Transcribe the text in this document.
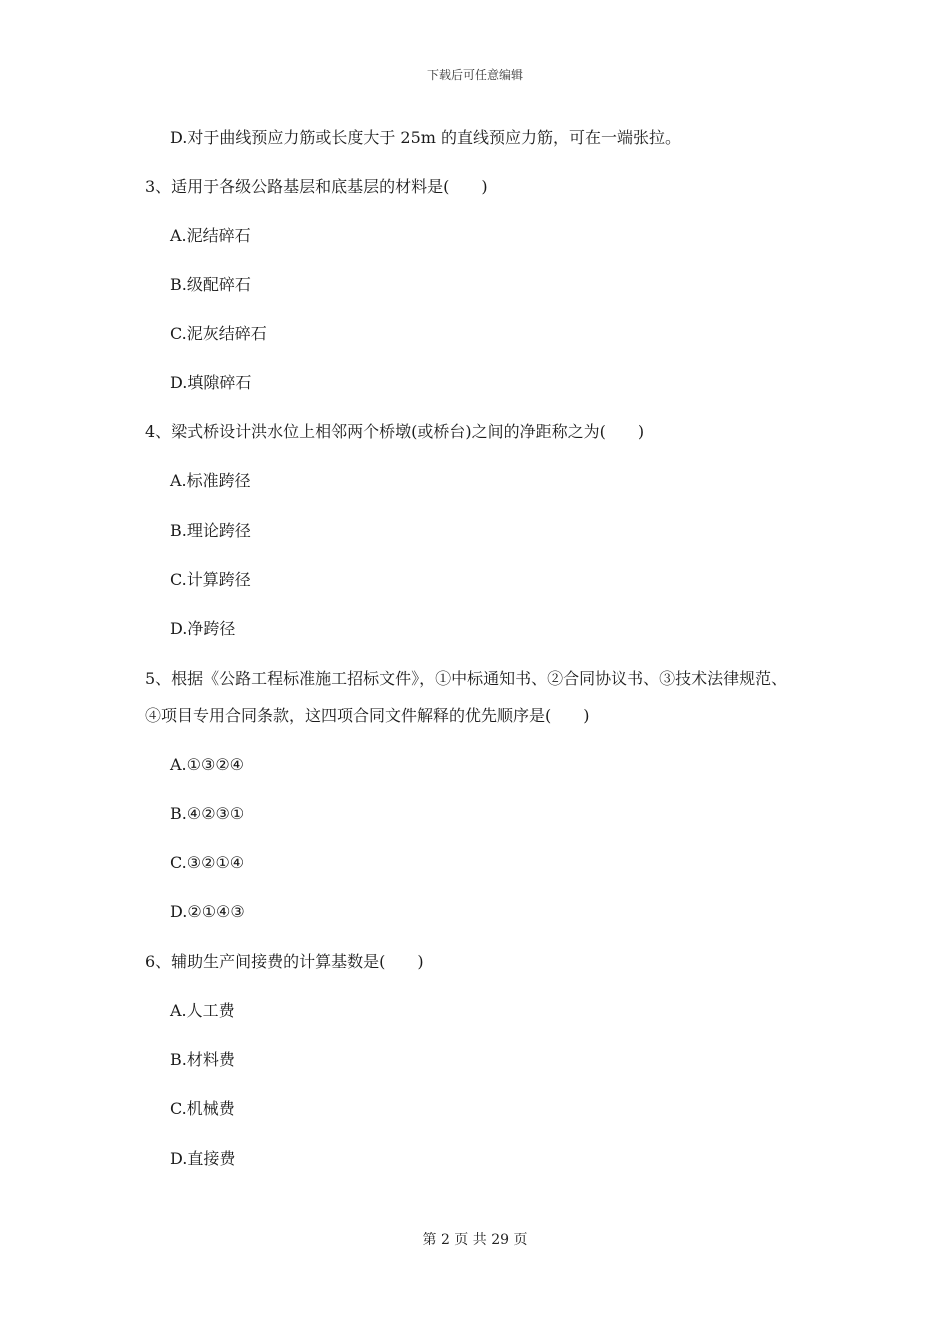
下载后可任意编辑
D.对于曲线预应力筋或长度大于 25m 的直线预应力筋，可在一端张拉。
3、适用于各级公路基层和底基层的材料是(　　)
A.泥结碎石
B.级配碎石
C.泥灰结碎石
D.填隙碎石
4、梁式桥设计洪水位上相邻两个桥墩(或桥台)之间的净距称之为(　　)
A.标准跨径
B.理论跨径
C.计算跨径
D.净跨径
5、根据《公路工程标准施工招标文件》，①中标通知书、②合同协议书、③技术法律规范、
④项目专用合同条款，这四项合同文件解释的优先顺序是(　　)
A.①③②④
B.④②③①
C.③②①④
D.②①④③
6、辅助生产间接费的计算基数是(　　)
A.人工费
B.材料费
C.机械费
D.直接费
第 2 页 共 29 页
